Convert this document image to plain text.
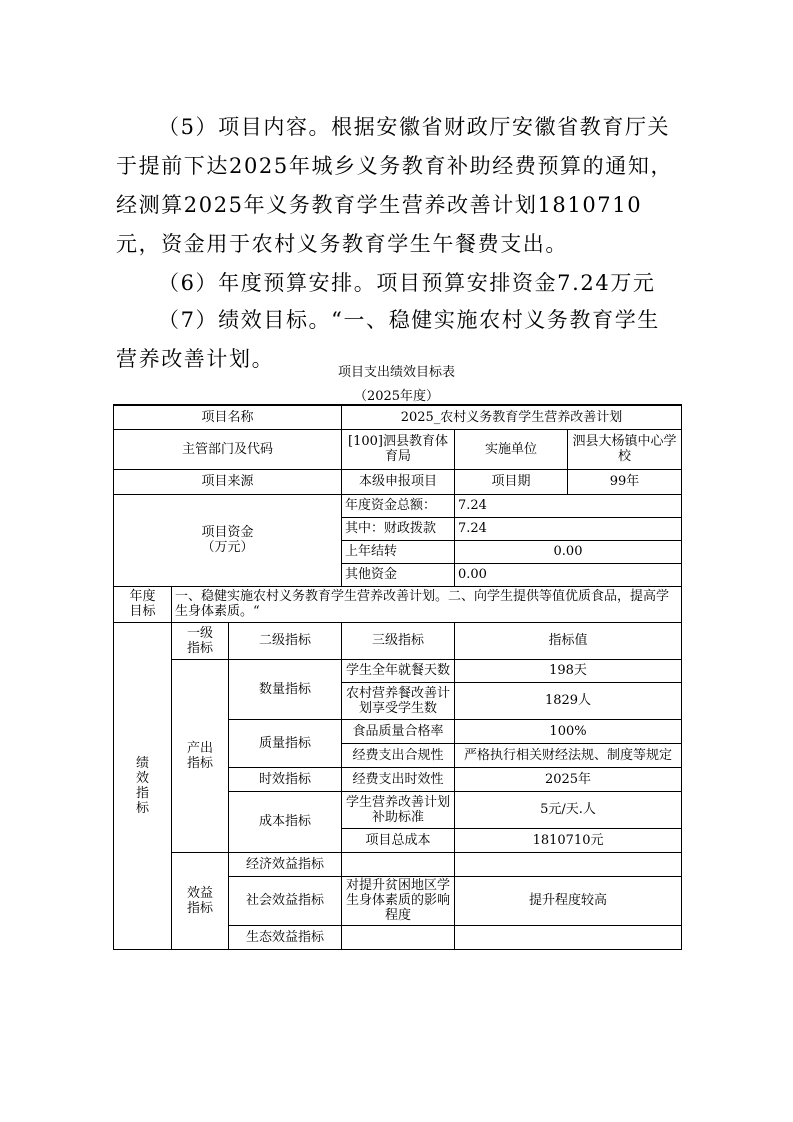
（5）项目内容。根据安徽省财政厅安徽省教育厅关于提前下达2025年城乡义务教育补助经费预算的通知，经测算2025年义务教育学生营养改善计划1810710元，资金用于农村义务教育学生午餐费支出。

（6）年度预算安排。项目预算安排资金7.24万元

（7）绩效目标。“一、稳健实施农村义务教育学生营养改善计划。

项目支出绩效目标表
（2025年度）
项目名称			2025_农村义务教育学生营养改善计划		
主管部门及代码			[100]泗县教育体育局	实施单位	泗县大杨镇中心学校
项目来源			本级申报项目	项目期	99年
项目资金（万元）			年度资金总额：	7.24	
			其中：财政拨款	7.24	
			上年结转	0.00	
			其他资金	0.00	
年度目标	一、稳健实施农村义务教育学生营养改善计划。二、向学生提供等值优质食品，提高学生身体素质。“				
绩效指标	一级指标	二级指标	三级指标	指标值	
	产出指标	数量指标	学生全年就餐天数	198天	
			农村营养餐改善计划享受学生数	1829人	
		质量指标	食品质量合格率	100%	
			经费支出合规性	严格执行相关财经法规、制度等规定	
		时效指标	经费支出时效性	2025年	
		成本指标	学生营养改善计划补助标准	5元/天.人	
			项目总成本	1810710元	
	效益指标	经济效益指标			
		社会效益指标	对提升贫困地区学生身体素质的影响程度	提升程度较高	
		生态效益指标			
